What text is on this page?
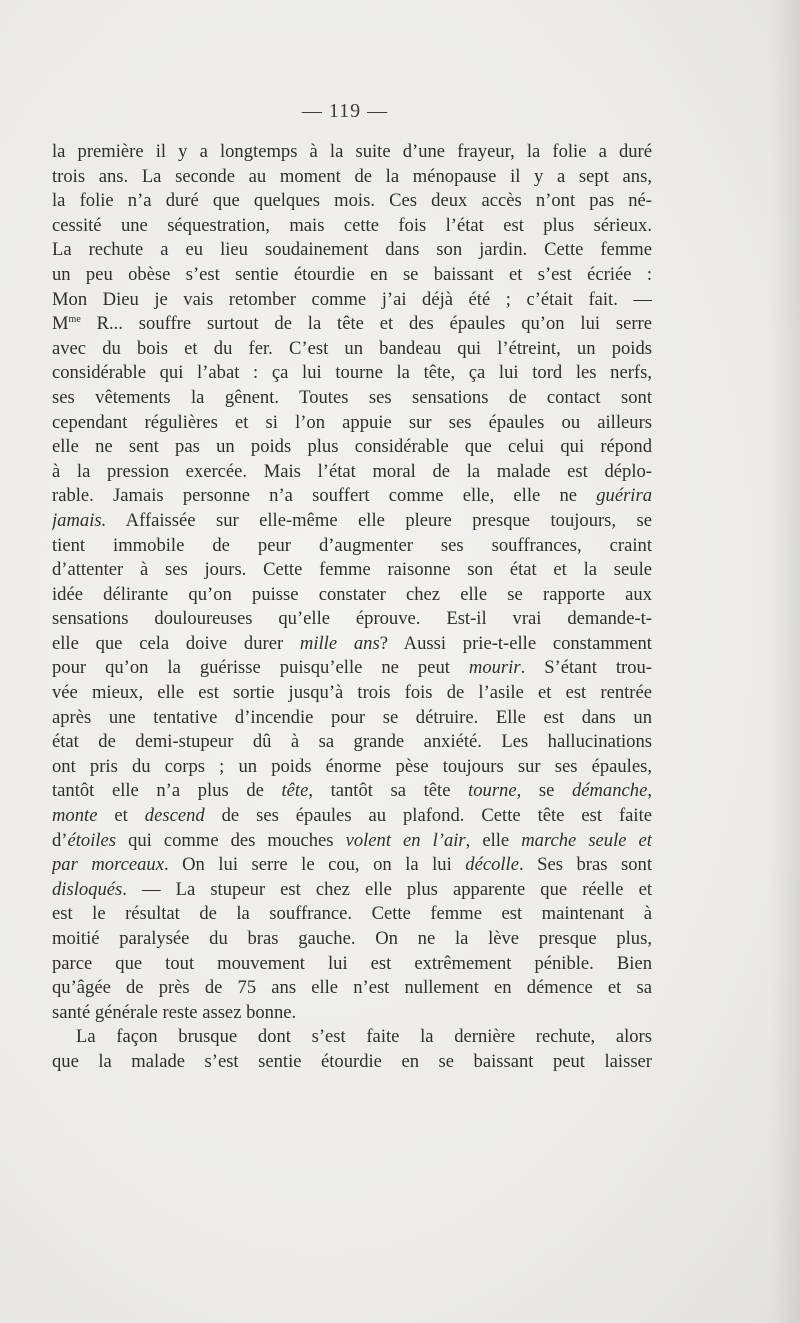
— 119 —
la première il y a longtemps à la suite d’une frayeur, la folie a duré
trois ans. La seconde au moment de la ménopause il y a sept ans,
la folie n’a duré que quelques mois. Ces deux accès n’ont pas né-
cessité une séquestration, mais cette fois l’état est plus sérieux.
La rechute a eu lieu soudainement dans son jardin. Cette femme
un peu obèse s’est sentie étourdie en se baissant et s’est écriée :
Mon Dieu je vais retomber comme j’ai déjà été ; c’était fait. —
$M^{me}$ R... souffre surtout de la tête et des épaules qu’on lui serre
avec du bois et du fer. C’est un bandeau qui l’étreint, un poids
considérable qui l’abat : ça lui tourne la tête, ça lui tord les nerfs,
ses vêtements la gênent. Toutes ses sensations de contact sont
cependant régulières et si l’on appuie sur ses épaules ou ailleurs
elle ne sent pas un poids plus considérable que celui qui répond
à la pression exercée. Mais l’état moral de la malade est déplo-
rable. Jamais personne n’a souffert comme elle, elle ne guérira
jamais. Affaissée sur elle-même elle pleure presque toujours, se
tient immobile de peur d’augmenter ses souffrances, craint
d’attenter à ses jours. Cette femme raisonne son état et la seule
idée délirante qu’on puisse constater chez elle se rapporte aux
sensations douloureuses qu’elle éprouve. Est-il vrai demande-t-
elle que cela doive durer mille ans? Aussi prie-t-elle constamment
pour qu’on la guérisse puisqu’elle ne peut mourir. S’étant trou-
vée mieux, elle est sortie jusqu’à trois fois de l’asile et est rentrée
après une tentative d’incendie pour se détruire. Elle est dans un
état de demi-stupeur dû à sa grande anxiété. Les hallucinations
ont pris du corps ; un poids énorme pèse toujours sur ses épaules,
tantôt elle n’a plus de tête, tantôt sa tête tourne, se démanche,
monte et descend de ses épaules au plafond. Cette tête est faite
d’étoiles qui comme des mouches volent en l’air, elle marche seule et
par morceaux. On lui serre le cou, on la lui décolle. Ses bras sont
disloqués. — La stupeur est chez elle plus apparente que réelle et
est le résultat de la souffrance. Cette femme est maintenant à
moitié paralysée du bras gauche. On ne la lève presque plus,
parce que tout mouvement lui est extrêmement pénible. Bien
qu’âgée de près de 75 ans elle n’est nullement en démence et sa
santé générale reste assez bonne.
La façon brusque dont s’est faite la dernière rechute, alors
que la malade s’est sentie étourdie en se baissant peut laisser
